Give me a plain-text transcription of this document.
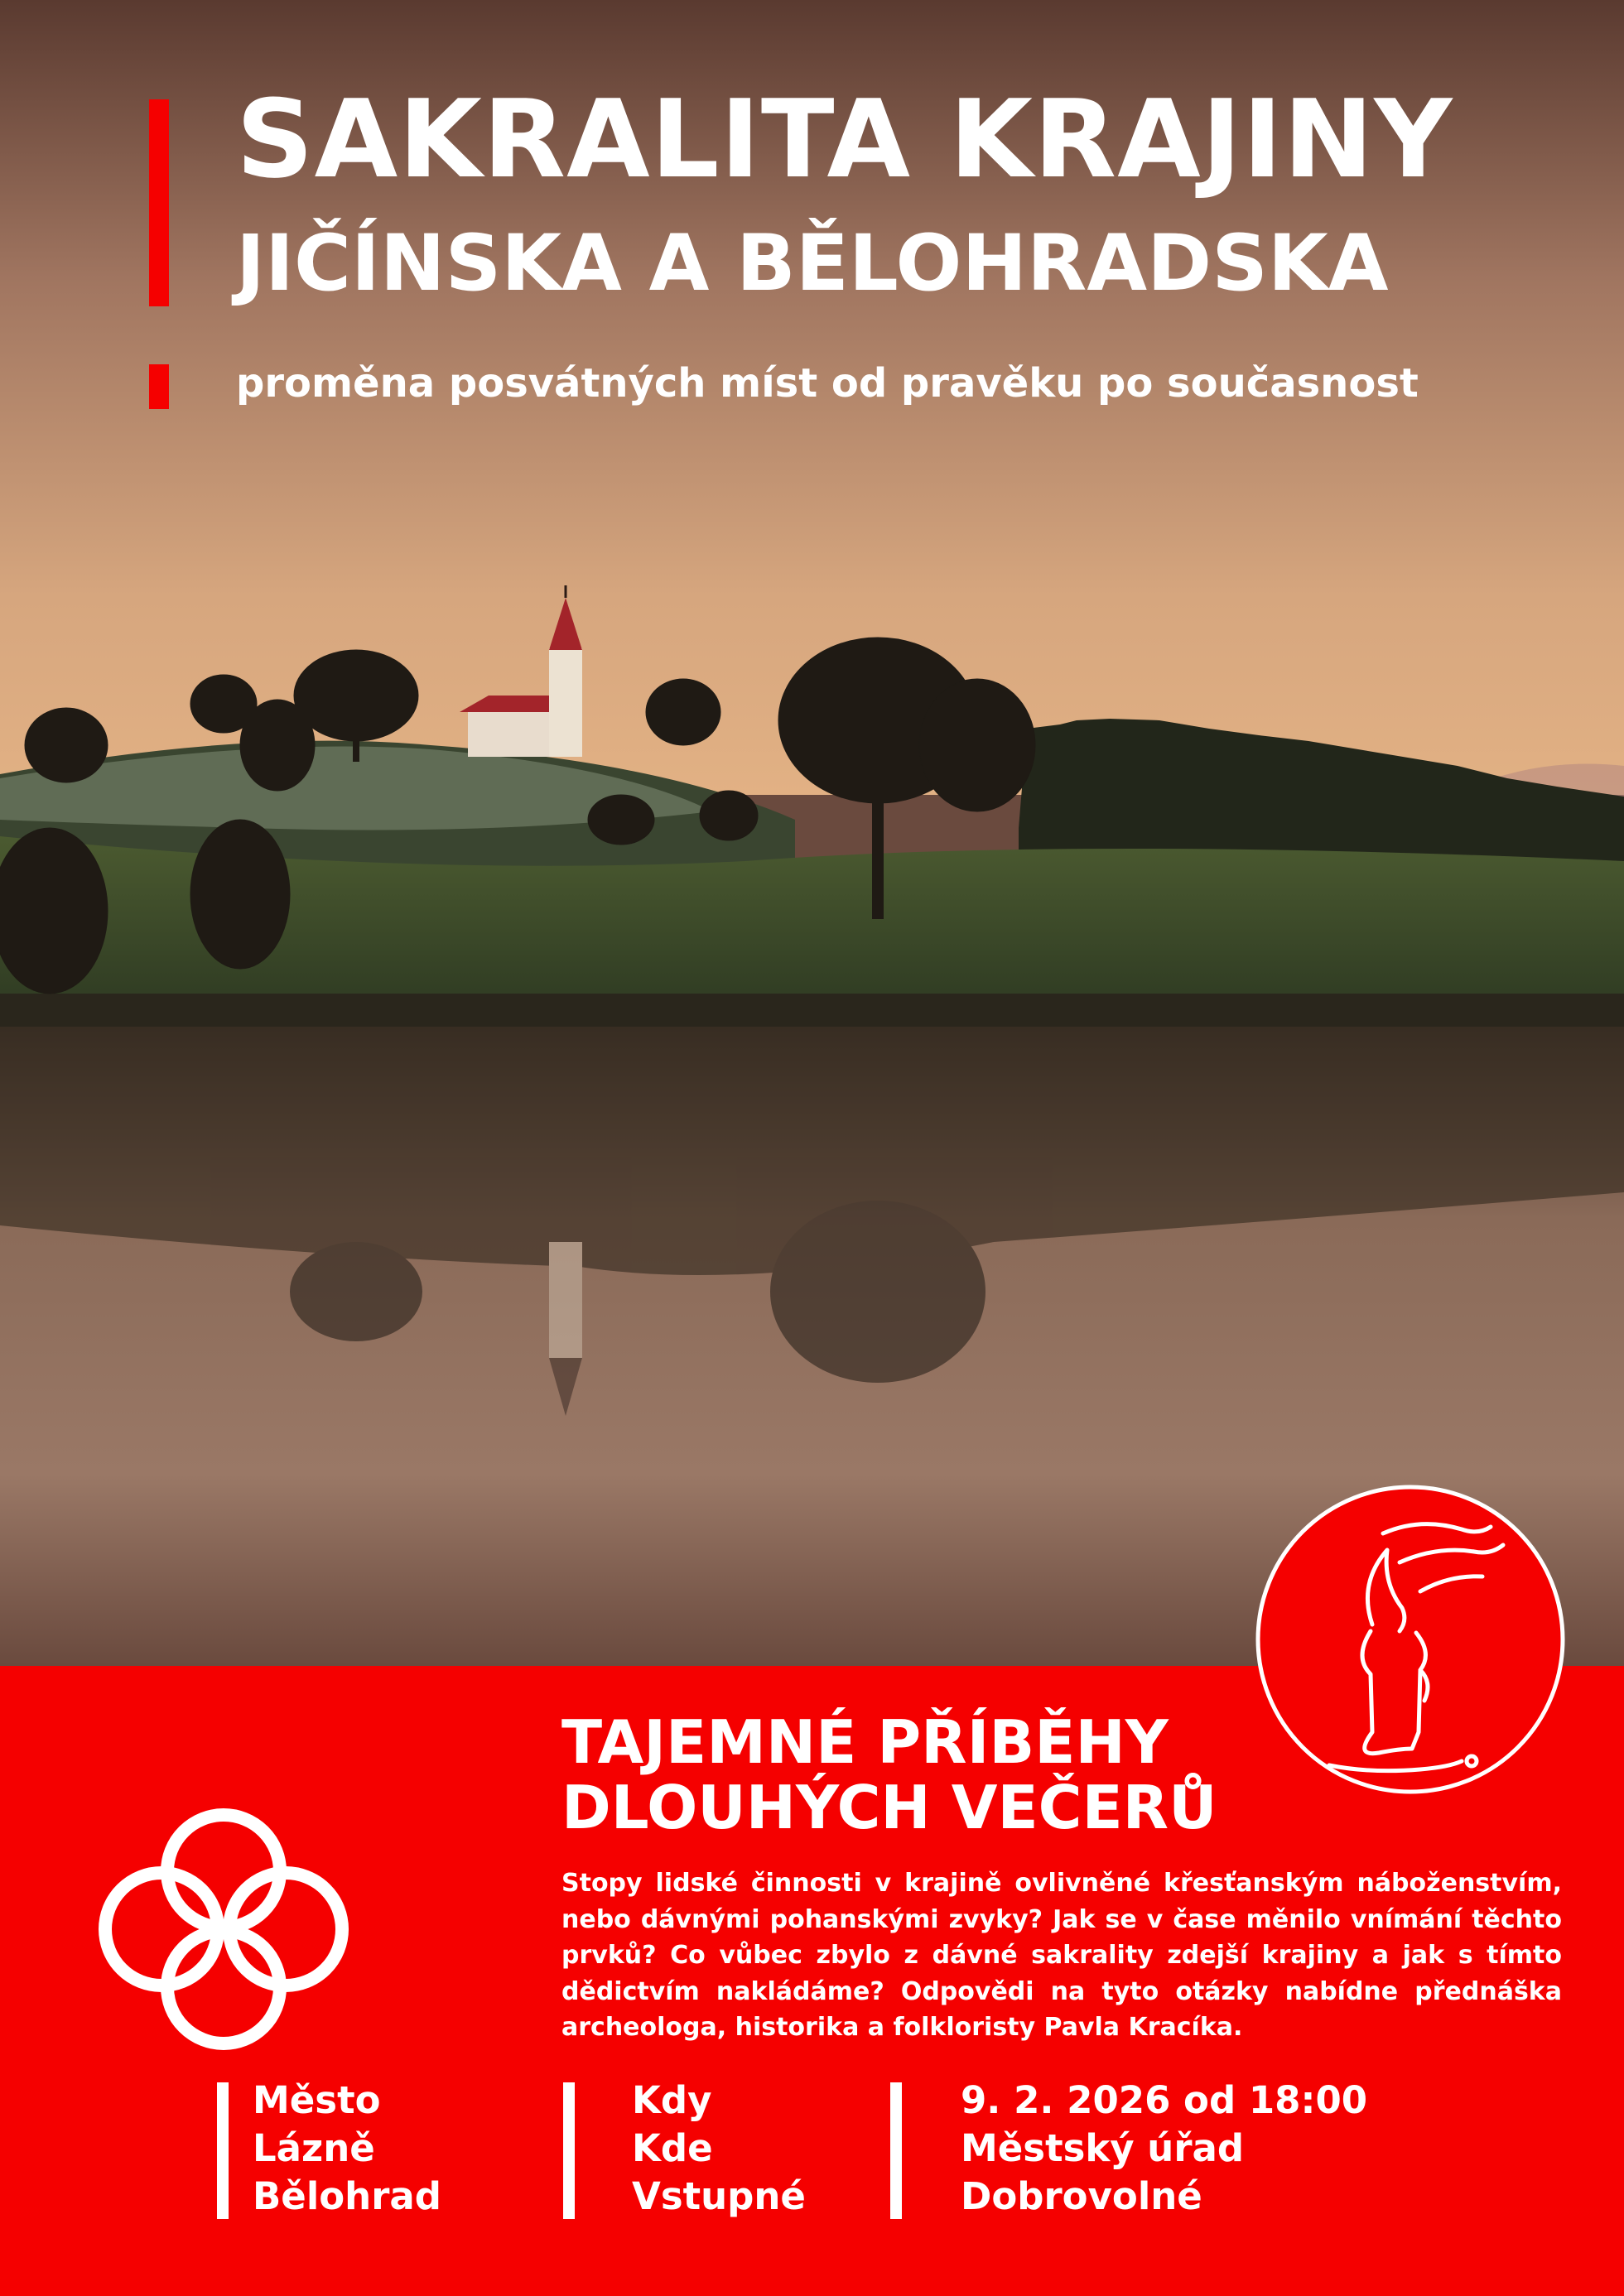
SAKRALITA KRAJINY
JIČÍNSKA A BĚLOHRADSKA

proměna posvátných míst od pravěku po současnost

TAJEMNÉ PŘÍBĚHY
DLOUHÝCH VEČERŮ

Stopy lidské činnosti v krajině ovlivněné křesťanským náboženstvím, nebo dávnými pohanskými zvyky? Jak se v čase měnilo vnímání těchto prvků? Co vůbec zbylo z dávné sakrality zdejší krajiny a jak s tímto dědictvím nakládáme? Odpovědi na tyto otázky nabídne přednáška archeologa, historika a folkloristy Pavla Kracíka.

Město
Lázně
Bělohrad
Kdy
Kde
Vstupné
9. 2. 2026 od 18:00
Městský úřad
Dobrovolné
